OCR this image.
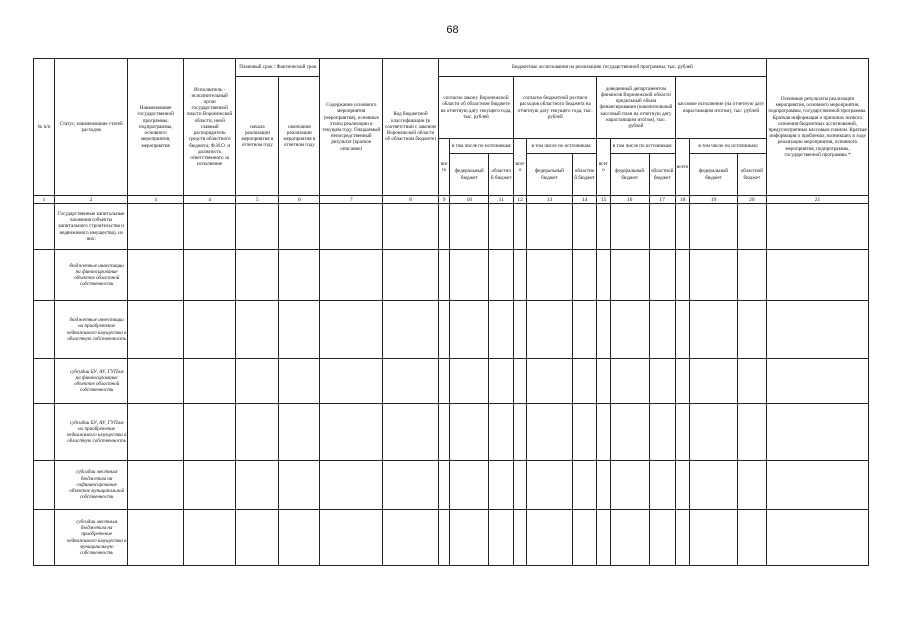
68
№ п/п	Статус, наименование статей расходов	Наименование государственной программы, подпрограммы, основного мероприятия, мероприятия	Исполнитель - исполнительный орган государственной власти Воронежской области, иной главный распорядитель средств областного бюджета; Ф.И.О. и должность ответственного за исполнение	Плановый срок / Фактический срок		Содержание основного мероприятия (мероприятия), основные этапы реализации в текущем году. Ожидаемый непосредственный результат (краткое описание)	Код бюджетной классификации (в соответствии с законом Воронежской области об областном бюджете)	Бюджетные ассигнования на реализацию государственной программы, тыс. рублей												Основные результаты реализации мероприятия, основного мероприятия, подпрограммы, государственной программы. Краткая информация о причинах низкого освоения бюджетных ассигнований, предусмотренных кассовым планом. Краткая информация о проблемах, возникших в ходе реализации мероприятия, основного мероприятия, подпрограммы, государственной программы *
				начала реализации мероприятия в отчетном году	окончания реализации мероприятия в отчетном году			согласно закону Воронежской области об областном бюджете на отчетную дату текущего года, тыс. рублей			согласно бюджетной росписи расходов областного бюджета на отчетную дату текущего года, тыс. рублей			доведенный департаментом финансов Воронежской области предельный объем финансирования (накопительный кассовый план на отчетную дату нарастающим итогом), тыс. рублей			кассовое исполнение (на отчетную дату нарастающим итогом), тыс. рублей			
								всего	в том числе по источникам:		всего	в том числе по источникам:		всего	в том числе по источникам:		всего	в том числе по источникам:		
									федеральный бюджет	областной бюджет		федеральный бюджет	областной бюджет		федеральный бюджет	областной бюджет		федеральный бюджет	областной бюджет	
1	2	3	4	5	6	7	8	9	10	11	12	13	14	15	16	17	18	19	20	21
	Государственные капитальные вложения (объекты капитального строительства и недвижимого имущества), из них:																			
	бюджетные инвестиции на финансирование объектов областной собственности																			
	бюджетные инвестиции на приобретение недвижимого имущества в областную собственность																			
	субсидии БУ, АУ, ГУПам на финансирование объектов областной собственности																			
	субсидии БУ, АУ, ГУПам на приобретение недвижимого имущества в областную собственность																			
	субсидии местным бюджетам на софинансирование объектов муниципальной собственности																			
	субсидии местным бюджетам на приобретение недвижимого имущества в муниципальную собственность																			
